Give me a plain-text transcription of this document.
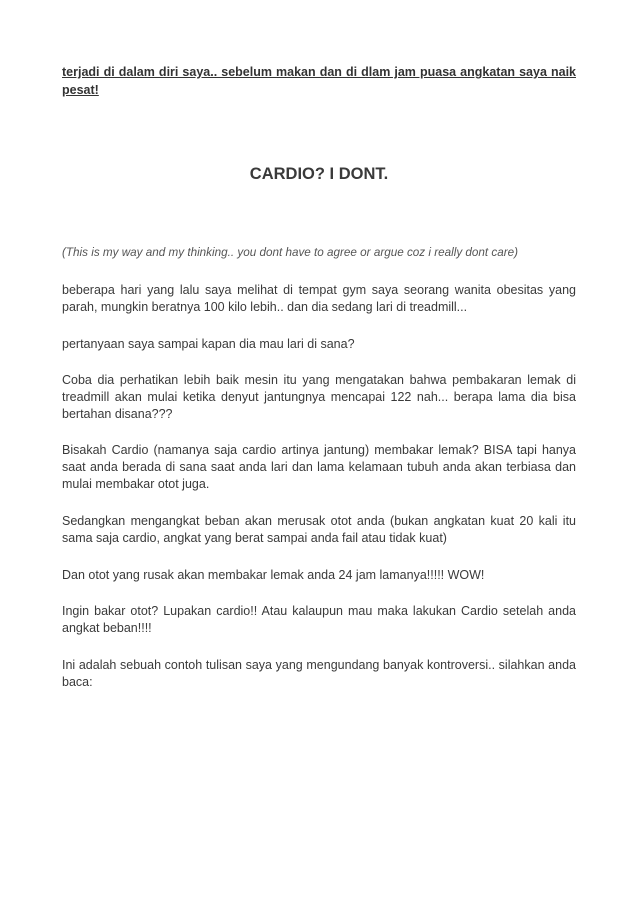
terjadi di dalam diri saya.. sebelum makan dan di dlam jam puasa angkatan saya naik pesat!

CARDIO? I DONT.

(This is my way and my thinking.. you dont have to agree or argue coz i really dont care)

beberapa hari yang lalu saya melihat di tempat gym saya seorang wanita obesitas yang parah, mungkin beratnya 100 kilo lebih.. dan dia sedang lari di treadmill...

pertanyaan saya sampai kapan dia mau lari di sana?

Coba dia perhatikan lebih baik mesin itu yang mengatakan bahwa pembakaran lemak di treadmill akan mulai ketika denyut jantungnya mencapai 122 nah... berapa lama dia bisa bertahan disana???

Bisakah Cardio (namanya saja cardio artinya jantung) membakar lemak? BISA tapi hanya saat anda berada di sana saat anda lari dan lama kelamaan tubuh anda akan terbiasa dan mulai membakar otot juga.

Sedangkan mengangkat beban akan merusak otot anda (bukan angkatan kuat 20 kali itu sama saja cardio, angkat yang berat sampai anda fail atau tidak kuat)

Dan otot yang rusak akan membakar lemak anda 24 jam lamanya!!!!! WOW!

Ingin bakar otot? Lupakan cardio!! Atau kalaupun mau maka lakukan Cardio setelah anda angkat beban!!!!

Ini adalah sebuah contoh tulisan saya yang mengundang banyak kontroversi.. silahkan anda baca:
